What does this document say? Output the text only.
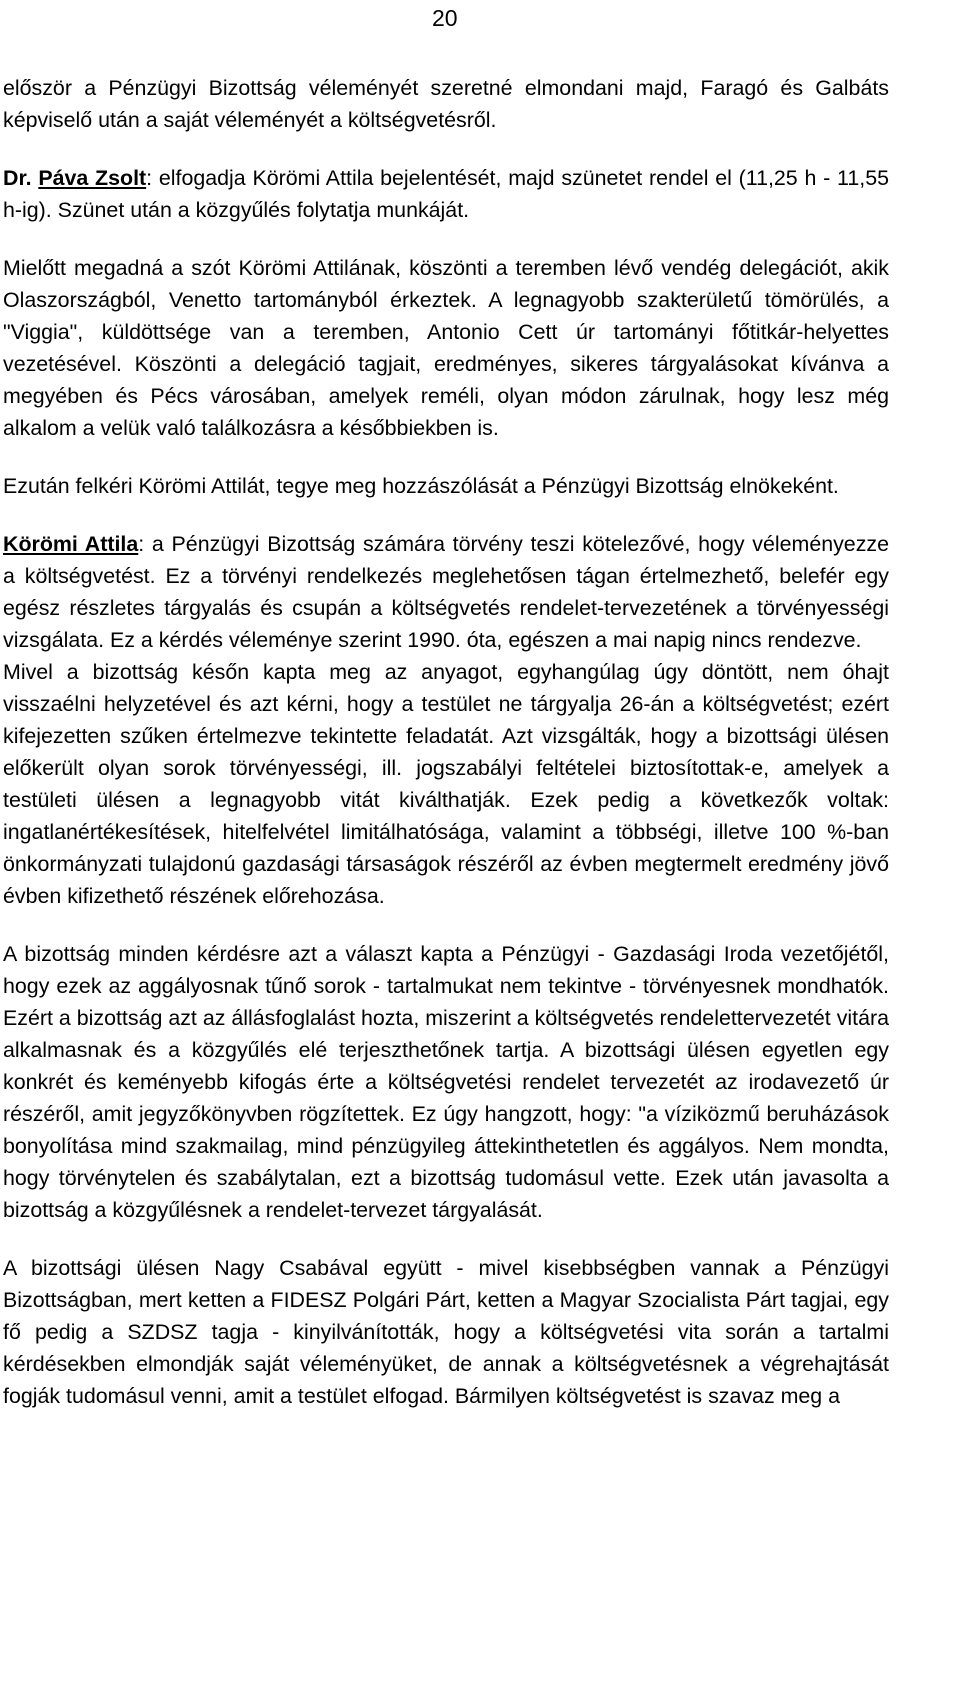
20

először a Pénzügyi Bizottság véleményét szeretné elmondani majd, Faragó és Galbáts képviselő után a saját véleményét a költségvetésről.

Dr. Páva Zsolt: elfogadja Körömi Attila bejelentését, majd szünetet rendel el (11,25 h - 11,55 h-ig). Szünet után a közgyűlés folytatja munkáját.

Mielőtt megadná a szót Körömi Attilának, köszönti a teremben lévő vendég delegációt, akik Olaszországból, Venetto tartományból érkeztek. A legnagyobb szakterületű tömörülés, a "Viggia", küldöttsége van a teremben, Antonio Cett úr tartományi főtitkár-helyettes vezetésével. Köszönti a delegáció tagjait, eredményes, sikeres tárgyalásokat kívánva a megyében és Pécs városában, amelyek reméli, olyan módon zárulnak, hogy lesz még alkalom a velük való találkozásra a későbbiekben is.

Ezután felkéri Körömi Attilát, tegye meg hozzászólását a Pénzügyi Bizottság elnökeként.

Körömi Attila: a Pénzügyi Bizottság számára törvény teszi kötelezővé, hogy véleményezze a költségvetést. Ez a törvényi rendelkezés meglehetősen tágan értelmezhető, belefér egy egész részletes tárgyalás és csupán a költségvetés rendelet-tervezetének a törvényességi vizsgálata. Ez a kérdés véleménye szerint 1990. óta, egészen a mai napig nincs rendezve.

Mivel a bizottság későn kapta meg az anyagot, egyhangúlag úgy döntött, nem óhajt visszaélni helyzetével és azt kérni, hogy a testület ne tárgyalja 26-án a költségvetést; ezért kifejezetten szűken értelmezve tekintette feladatát. Azt vizsgálták, hogy a bizottsági ülésen előkerült olyan sorok törvényességi, ill. jogszabályi feltételei biztosítottak-e, amelyek a testületi ülésen a legnagyobb vitát kiválthatják. Ezek pedig a következők voltak: ingatlanértékesítések, hitelfelvétel limitálhatósága, valamint a többségi, illetve 100 %-ban önkormányzati tulajdonú gazdasági társaságok részéről az évben megtermelt eredmény jövő évben kifizethető részének előrehozása.

A bizottság minden kérdésre azt a választ kapta a Pénzügyi - Gazdasági Iroda vezetőjétől, hogy ezek az aggályosnak tűnő sorok - tartalmukat nem tekintve - törvényesnek mondhatók. Ezért a bizottság azt az állásfoglalást hozta, miszerint a költségvetés rendelettervezetét vitára alkalmasnak és a közgyűlés elé terjeszthetőnek tartja. A bizottsági ülésen egyetlen egy konkrét és keményebb kifogás érte a költségvetési rendelet tervezetét az irodavezető úr részéről, amit jegyzőkönyvben rögzítettek. Ez úgy hangzott, hogy: "a víziközmű beruházások bonyolítása mind szakmailag, mind pénzügyileg áttekinthetetlen és aggályos. Nem mondta, hogy törvénytelen és szabálytalan, ezt a bizottság tudomásul vette. Ezek után javasolta a bizottság a közgyűlésnek a rendelet-tervezet tárgyalását.

A bizottsági ülésen Nagy Csabával együtt - mivel kisebbségben vannak a Pénzügyi Bizottságban, mert ketten a FIDESZ Polgári Párt, ketten a Magyar Szocialista Párt tagjai, egy fő pedig a SZDSZ tagja - kinyilvánították, hogy a költségvetési vita során a tartalmi kérdésekben elmondják saját véleményüket, de annak a költségvetésnek a végrehajtását fogják tudomásul venni, amit a testület elfogad. Bármilyen költségvetést is szavaz meg a
